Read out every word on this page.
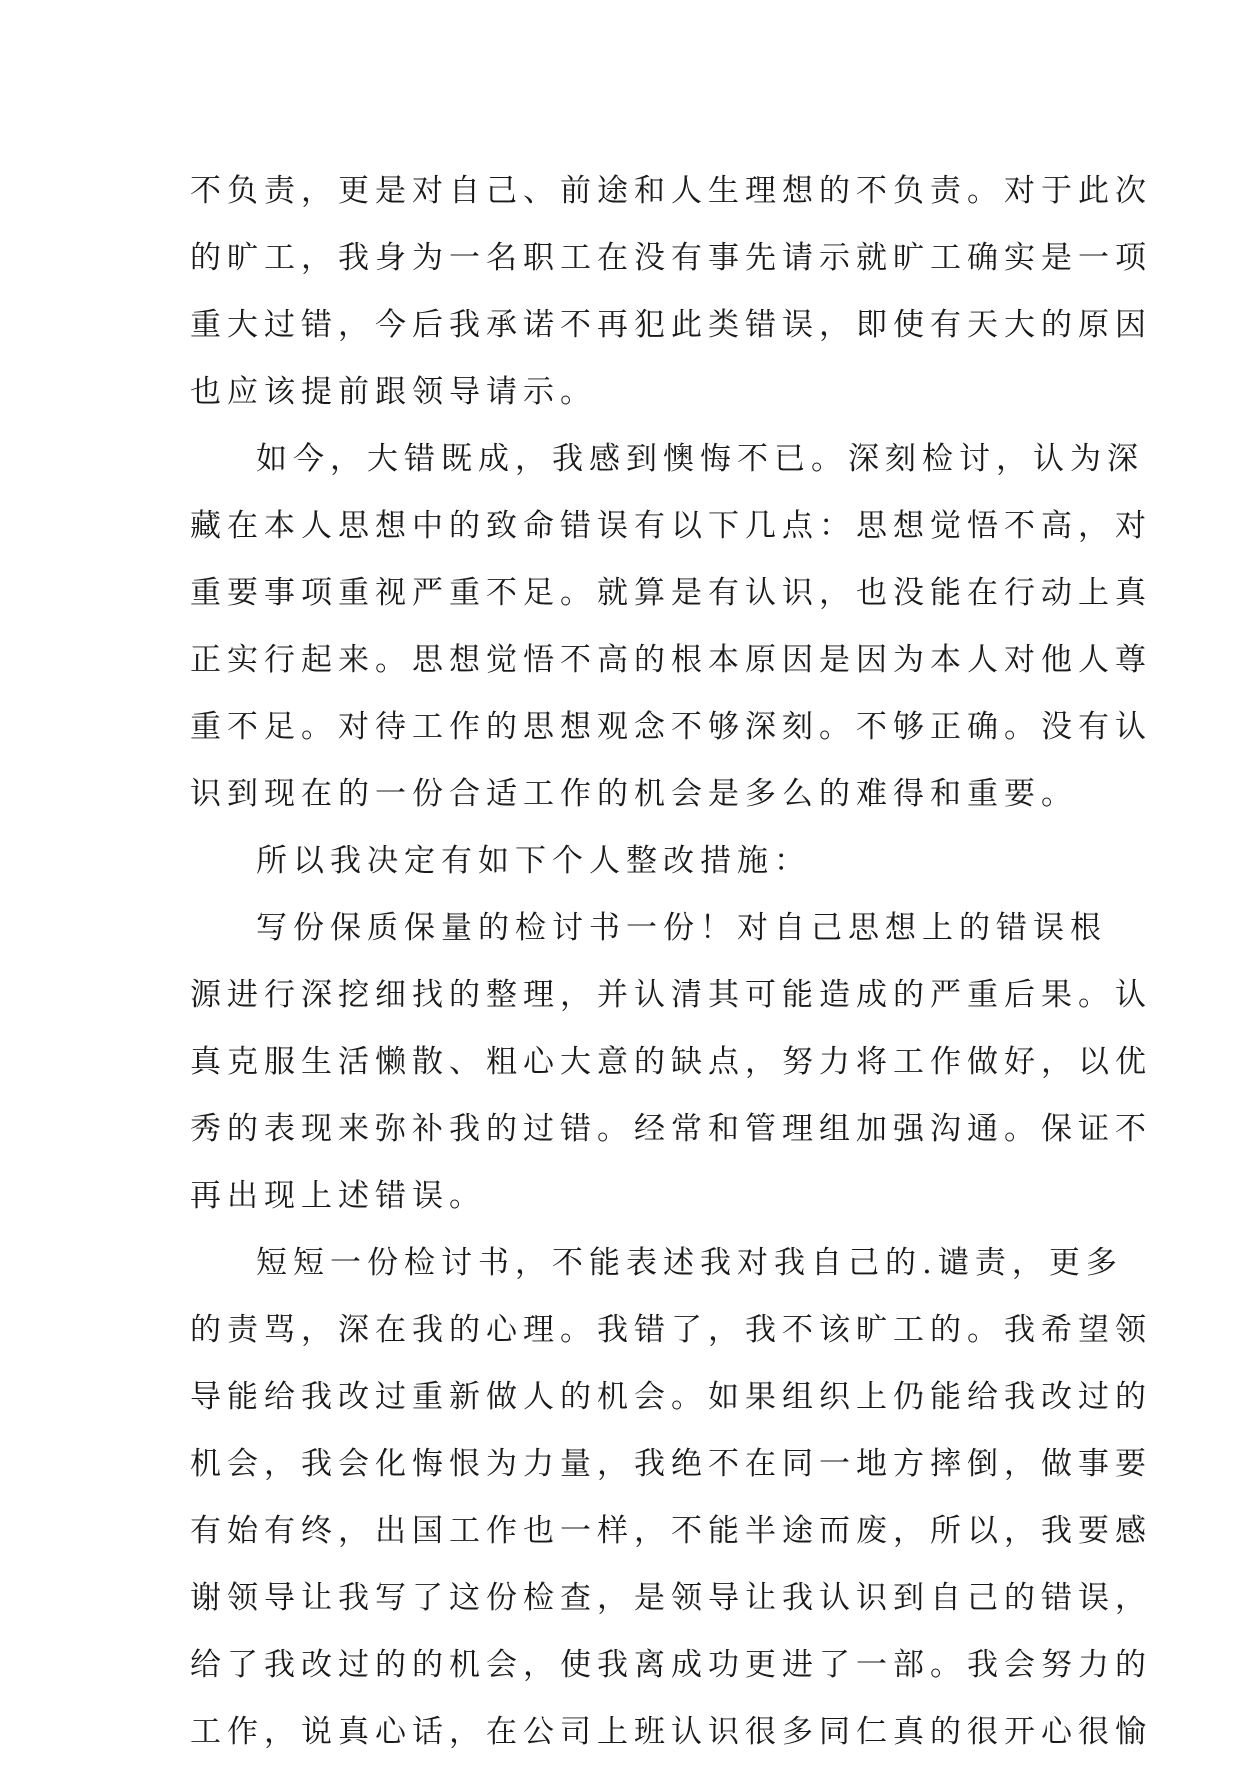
不负责，更是对自己、前途和人生理想的不负责。对于此次
的旷工，我身为一名职工在没有事先请示就旷工确实是一项
重大过错，今后我承诺不再犯此类错误，即使有天大的原因
也应该提前跟领导请示。
如今，大错既成，我感到懊悔不已。深刻检讨，认为深
藏在本人思想中的致命错误有以下几点：思想觉悟不高，对
重要事项重视严重不足。就算是有认识，也没能在行动上真
正实行起来。思想觉悟不高的根本原因是因为本人对他人尊
重不足。对待工作的思想观念不够深刻。不够正确。没有认
识到现在的一份合适工作的机会是多么的难得和重要。
所以我决定有如下个人整改措施：
写份保质保量的检讨书一份！对自己思想上的错误根
源进行深挖细找的整理，并认清其可能造成的严重后果。认
真克服生活懒散、粗心大意的缺点，努力将工作做好，以优
秀的表现来弥补我的过错。经常和管理组加强沟通。保证不
再出现上述错误。
短短一份检讨书，不能表述我对我自己的.谴责，更多
的责骂，深在我的心理。我错了，我不该旷工的。我希望领
导能给我改过重新做人的机会。如果组织上仍能给我改过的
机会，我会化悔恨为力量，我绝不在同一地方摔倒，做事要
有始有终，出国工作也一样，不能半途而废，所以，我要感
谢领导让我写了这份检查，是领导让我认识到自己的错误，
给了我改过的的机会，使我离成功更进了一部。我会努力的
工作，说真心话，在公司上班认识很多同仁真的很开心很愉
